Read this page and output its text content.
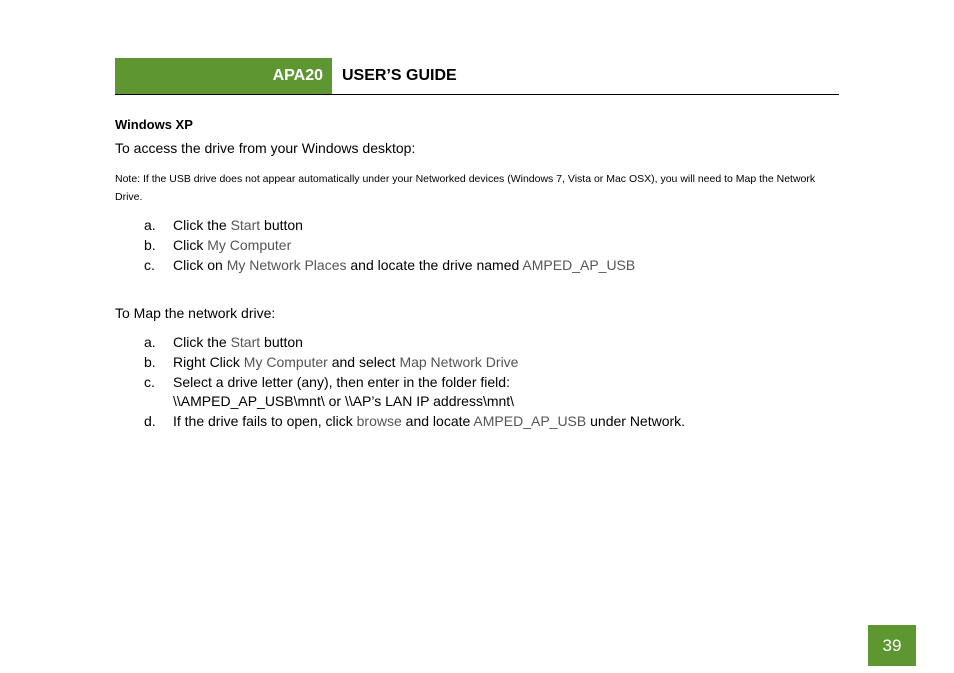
APA20 USER’S GUIDE
Windows XP
To access the drive from your Windows desktop:
Note: If the USB drive does not appear automatically under your Networked devices (Windows 7, Vista or Mac OSX), you will need to Map the Network Drive.
a. Click the Start button
b. Click My Computer
c. Click on My Network Places and locate the drive named AMPED_AP_USB
To Map the network drive:
a. Click the Start button
b. Right Click My Computer and select Map Network Drive
c. Select a drive letter (any), then enter in the folder field:
\\AMPED_AP_USB\mnt\ or \\AP’s LAN IP address\mnt\
d. If the drive fails to open, click browse and locate AMPED_AP_USB under Network.
39
